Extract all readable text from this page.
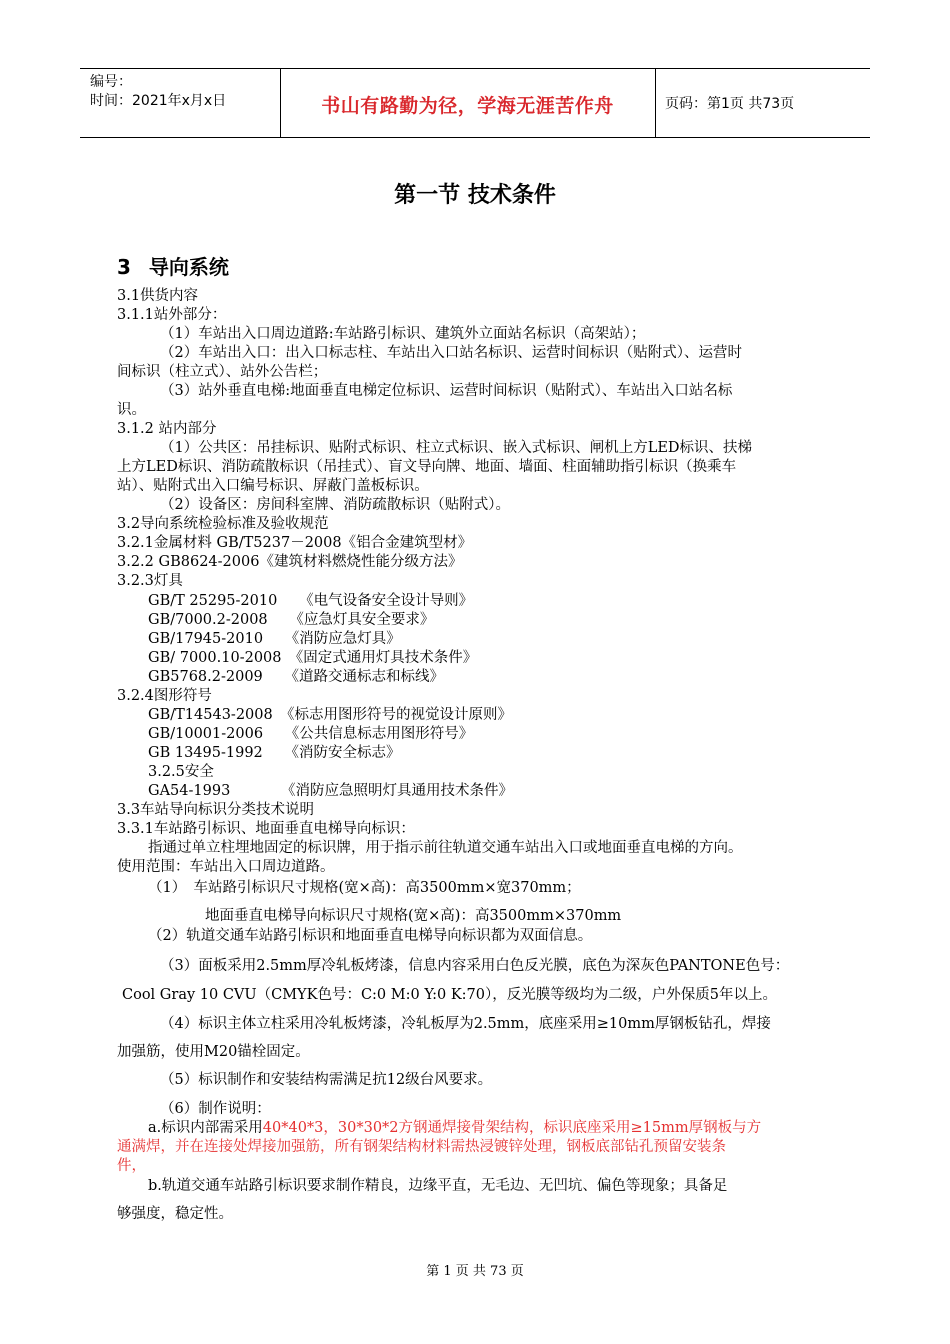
编号：
时间：2021年x月x日	书山有路勤为径，学海无涯苦作舟	页码：第1页 共73页
第一节 技术条件
3 导向系统
3.1供货内容
3.1.1站外部分：
（1）车站出入口周边道路:车站路引标识、建筑外立面站名标识（高架站）；
（2）车站出入口：出入口标志柱、车站出入口站名标识、运营时间标识（贴附式）、运营时
间标识（柱立式）、站外公告栏；
（3）站外垂直电梯:地面垂直电梯定位标识、运营时间标识（贴附式）、车站出入口站名标
识。
3.1.2 站内部分
（1）公共区：吊挂标识、贴附式标识、柱立式标识、嵌入式标识、闸机上方LED标识、扶梯
上方LED标识、消防疏散标识（吊挂式）、盲文导向牌、地面、墙面、柱面辅助指引标识（换乘车
站）、贴附式出入口编号标识、屏蔽门盖板标识。
（2）设备区：房间科室牌、消防疏散标识（贴附式）。
3.2导向系统检验标准及验收规范
3.2.1金属材料 GB/T5237－2008《铝合金建筑型材》
3.2.2 GB8624-2006《建筑材料燃烧性能分级方法》
3.2.3灯具
GB/T 25295-2010　　《电气设备安全设计导则》
GB/7000.2-2008　　《应急灯具安全要求》
GB/17945-2010　　《消防应急灯具》
GB/ 7000.10-2008　《固定式通用灯具技术条件》
GB5768.2-2009　　《道路交通标志和标线》
3.2.4图形符号
GB/T14543-2008　《标志用图形符号的视觉设计原则》
GB/10001-2006　　《公共信息标志用图形符号》
GB 13495-1992　　《消防安全标志》
3.2.5安全
GA54-1993　　　　《消防应急照明灯具通用技术条件》
3.3车站导向标识分类技术说明
3.3.1车站路引标识、地面垂直电梯导向标识：
指通过单立柱埋地固定的标识牌，用于指示前往轨道交通车站出入口或地面垂直电梯的方向。
使用范围：车站出入口周边道路。
（1）　车站路引标识尺寸规格(宽×高)：高3500mm×宽370mm；
地面垂直电梯导向标识尺寸规格(宽×高)：高3500mm×370mm
（2）轨道交通车站路引标识和地面垂直电梯导向标识都为双面信息。
（3）面板采用2.5mm厚冷轧板烤漆，信息内容采用白色反光膜，底色为深灰色PANTONE色号：
Cool Gray 10 CVU（CMYK色号：C:0 M:0 Y:0 K:70），反光膜等级均为二级，户外保质5年以上。
（4）标识主体立柱采用冷轧板烤漆，冷轧板厚为2.5mm，底座采用≥10mm厚钢板钻孔，焊接
加强筋，使用M20锚栓固定。
（5）标识制作和安装结构需满足抗12级台风要求。
（6）制作说明：
a.标识内部需采用40*40*3，30*30*2方钢通焊接骨架结构，标识底座采用≥15mm厚钢板与方
通满焊，并在连接处焊接加强筋，所有钢架结构材料需热浸镀锌处理，钢板底部钻孔预留安装条
件，
b.轨道交通车站路引标识要求制作精良，边缘平直，无毛边、无凹坑、偏色等现象；具备足
够强度，稳定性。
第 1 页 共 73 页
